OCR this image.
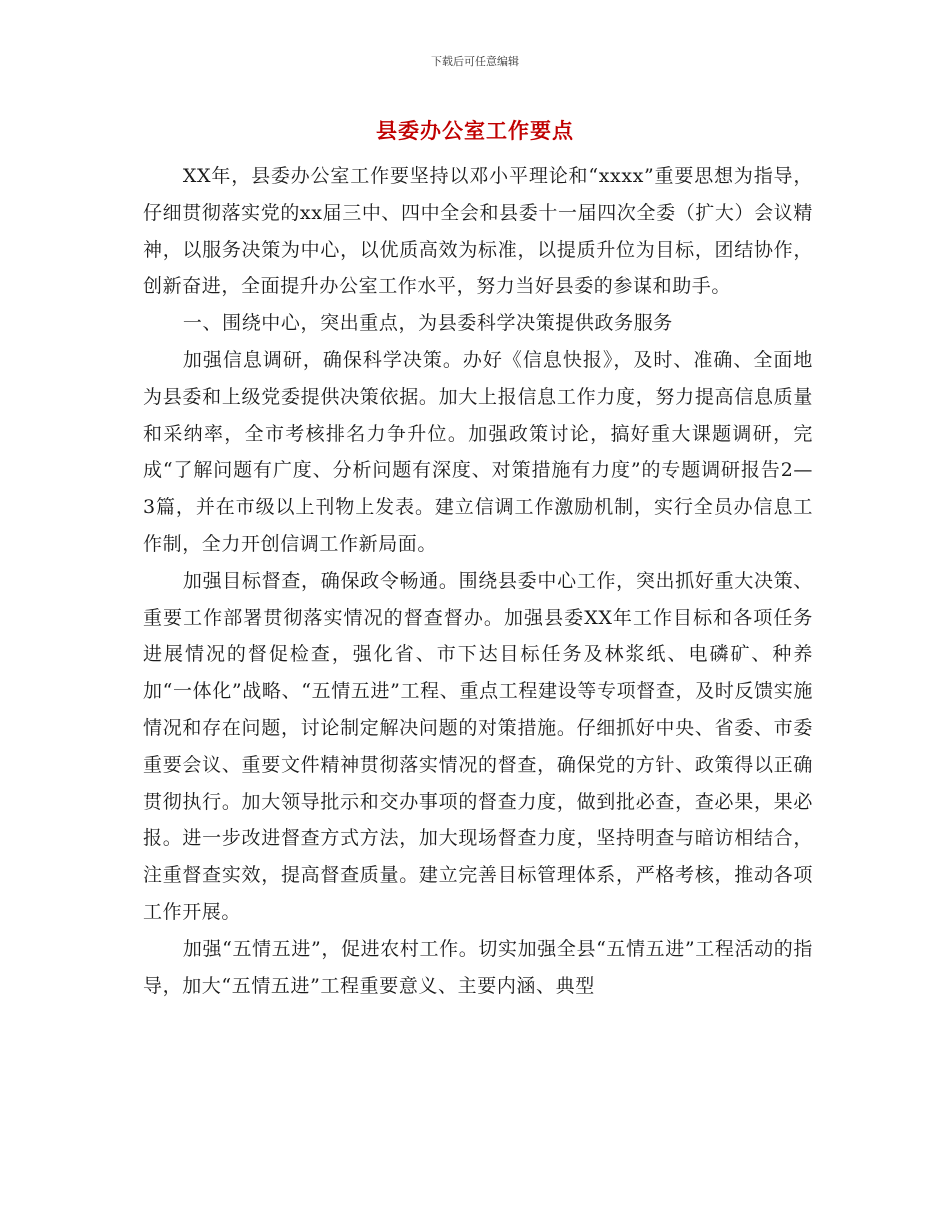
下载后可任意编辑
县委办公室工作要点

XX年，县委办公室工作要坚持以邓小平理论和“xxxx”重要思想为指导，仔细贯彻落实党的xx届三中、四中全会和县委十一届四次全委（扩大）会议精神，以服务决策为中心，以优质高效为标准，以提质升位为目标，团结协作，创新奋进，全面提升办公室工作水平，努力当好县委的参谋和助手。

一、围绕中心，突出重点，为县委科学决策提供政务服务

加强信息调研，确保科学决策。办好《信息快报》，及时、准确、全面地为县委和上级党委提供决策依据。加大上报信息工作力度，努力提高信息质量和采纳率，全市考核排名力争升位。加强政策讨论，搞好重大课题调研，完成“了解问题有广度、分析问题有深度、对策措施有力度”的专题调研报告2—3篇，并在市级以上刊物上发表。建立信调工作激励机制，实行全员办信息工作制，全力开创信调工作新局面。

加强目标督查，确保政令畅通。围绕县委中心工作，突出抓好重大决策、重要工作部署贯彻落实情况的督查督办。加强县委XX年工作目标和各项任务进展情况的督促检查，强化省、市下达目标任务及林浆纸、电磷矿、种养加“一体化”战略、“五情五进”工程、重点工程建设等专项督查，及时反馈实施情况和存在问题，讨论制定解决问题的对策措施。仔细抓好中央、省委、市委重要会议、重要文件精神贯彻落实情况的督查，确保党的方针、政策得以正确贯彻执行。加大领导批示和交办事项的督查力度，做到批必查，查必果，果必报。进一步改进督查方式方法，加大现场督查力度，坚持明查与暗访相结合，注重督查实效，提高督查质量。建立完善目标管理体系，严格考核，推动各项工作开展。

加强“五情五进”，促进农村工作。切实加强全县“五情五进”工程活动的指导，加大“五情五进”工程重要意义、主要内涵、典型
